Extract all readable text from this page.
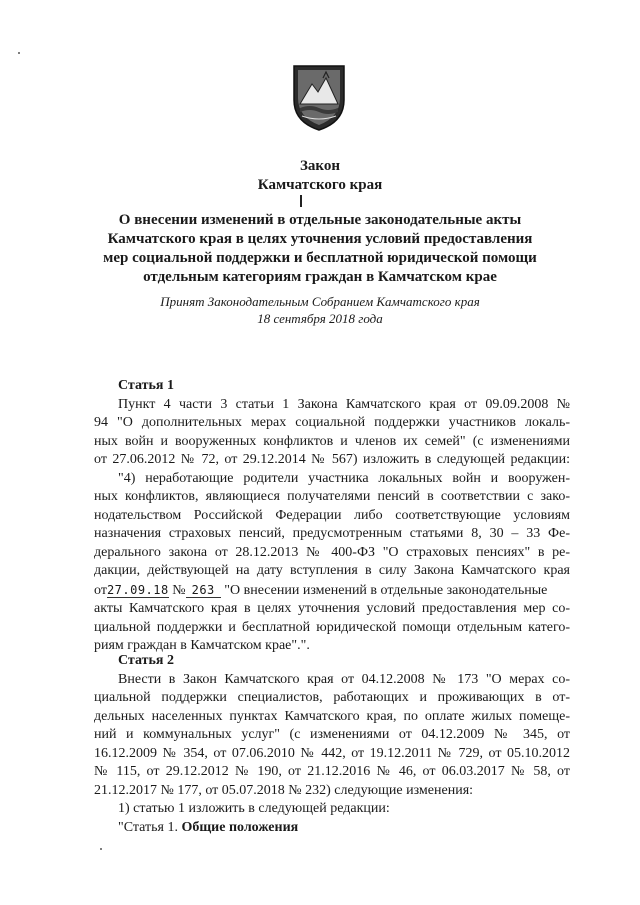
Закон
Камчатского края
О внесении изменений в отдельные законодательные акты
Камчатского края в целях уточнения условий предоставления
мер социальной поддержки и бесплатной юридической помощи
отдельным категориям граждан в Камчатском крае
Принят Законодательным Собранием Камчатского края
18 сентября 2018 года
Статья 1
Пункт 4 части 3 статьи 1 Закона Камчатского края от 09.09.2008 №
94 "О дополнительных мерах социальной поддержки участников локаль-
ных войн и вооруженных конфликтов и членов их семей" (с изменениями
от 27.06.2012 № 72, от 29.12.2014 № 567) изложить в следующей редакции:
"4) неработающие родители участника локальных войн и вооружен-
ных конфликтов, являющиеся получателями пенсий в соответствии с зако-
нодательством Российской Федерации либо соответствующие условиям
назначения страховых пенсий, предусмотренным статьями 8, 30 – 33 Фе-
дерального закона от 28.12.2013 № 400-ФЗ "О страховых пенсиях" в ре-
дакции, действующей на дату вступления в силу Закона Камчатского края
от27.09.18 № 263 "О внесении изменений в отдельные законодательные
акты Камчатского края в целях уточнения условий предоставления мер со-
циальной поддержки и бесплатной юридической помощи отдельным катего-
риям граждан в Камчатском крае".".
Статья 2
Внести в Закон Камчатского края от 04.12.2008 № 173 "О мерах со-
циальной поддержки специалистов, работающих и проживающих в от-
дельных населенных пунктах Камчатского края, по оплате жилых помеще-
ний и коммунальных услуг" (с изменениями от 04.12.2009 № 345, от
16.12.2009 № 354, от 07.06.2010 № 442, от 19.12.2011 № 729, от 05.10.2012
№ 115, от 29.12.2012 № 190, от 21.12.2016 № 46, от 06.03.2017 № 58, от
21.12.2017 № 177, от 05.07.2018 № 232) следующие изменения:
1) статью 1 изложить в следующей редакции:
"Статья 1. Общие положения
